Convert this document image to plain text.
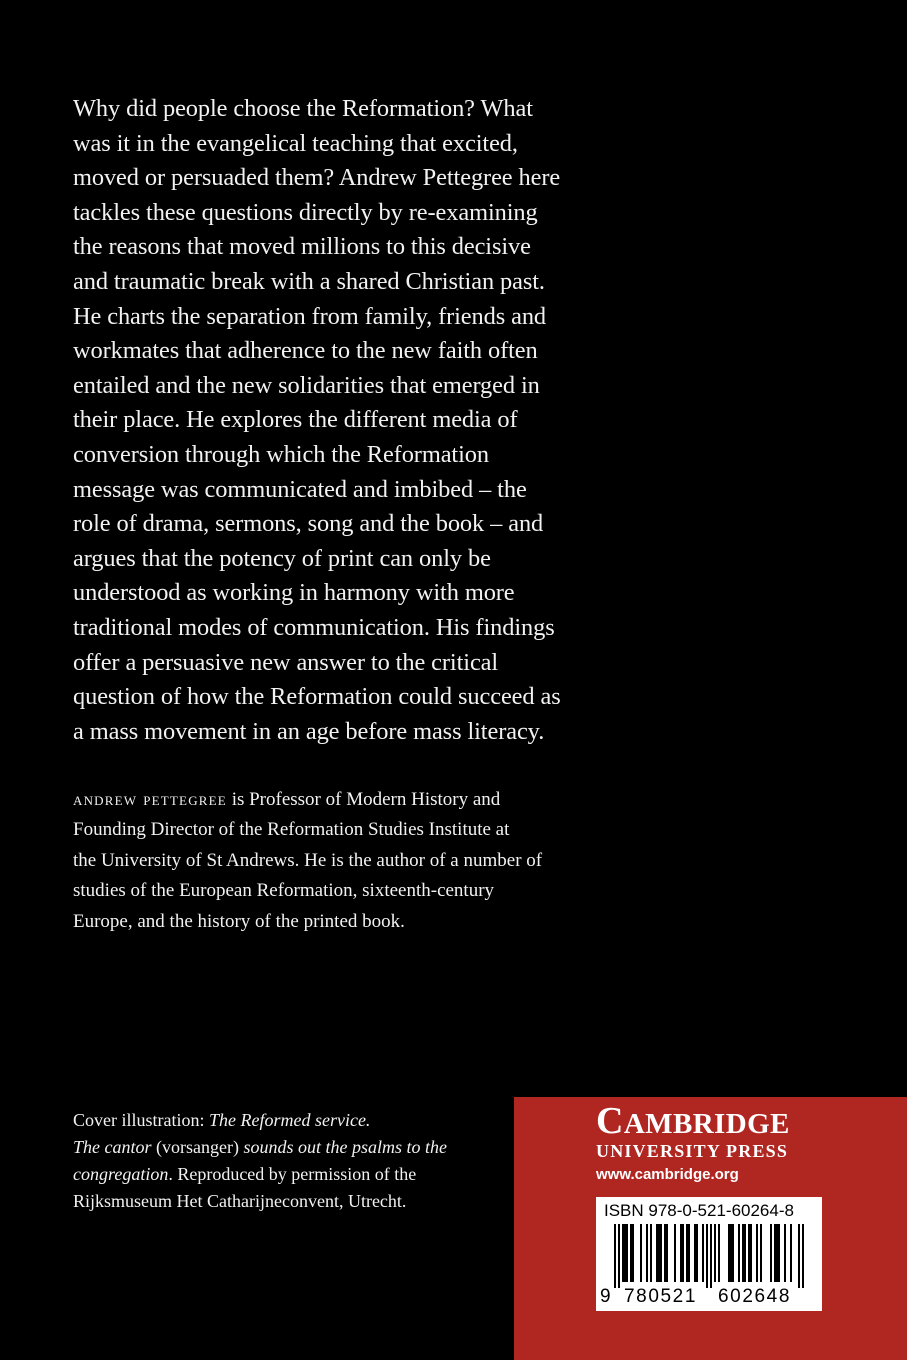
Why did people choose the Reformation? What
was it in the evangelical teaching that excited,
moved or persuaded them? Andrew Pettegree here
tackles these questions directly by re-examining
the reasons that moved millions to this decisive
and traumatic break with a shared Christian past.
He charts the separation from family, friends and
workmates that adherence to the new faith often
entailed and the new solidarities that emerged in
their place. He explores the different media of
conversion through which the Reformation
message was communicated and imbibed – the
role of drama, sermons, song and the book – and
argues that the potency of print can only be
understood as working in harmony with more
traditional modes of communication. His findings
offer a persuasive new answer to the critical
question of how the Reformation could succeed as
a mass movement in an age before mass literacy.
andrew pettegree is Professor of Modern History and
Founding Director of the Reformation Studies Institute at
the University of St Andrews. He is the author of a number of
studies of the European Reformation, sixteenth-century
Europe, and the history of the printed book.
Cover illustration: The Reformed service.
The cantor (vorsanger) sounds out the psalms to the
congregation. Reproduced by permission of the
Rijksmuseum Het Catharijneconvent, Utrecht.
CAMBRIDGE
UNIVERSITY PRESS
www.cambridge.org
ISBN 978-0-521-60264-8
9 780521 602648
